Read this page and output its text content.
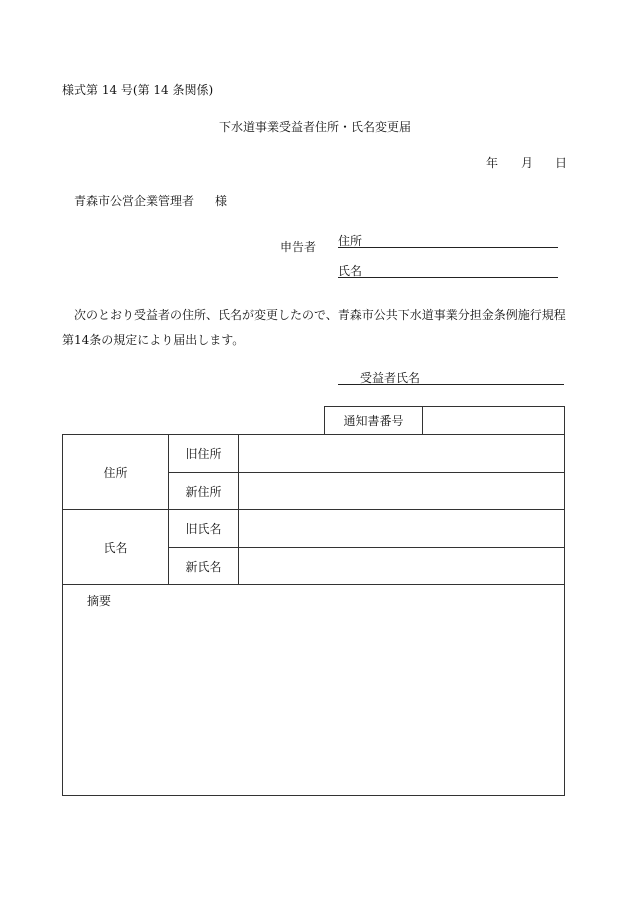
様式第 14 号(第 14 条関係)
下水道事業受益者住所・氏名変更届
年 月 日
青森市公営企業管理者 様
申告者 住所
氏名
次のとおり受益者の住所、氏名が変更したので、青森市公共下水道事業分担金条例施行規程第14条の規定により届出します。
受益者氏名
通知書番号
住所
旧住所
新住所
氏名
旧氏名
新氏名
摘要
